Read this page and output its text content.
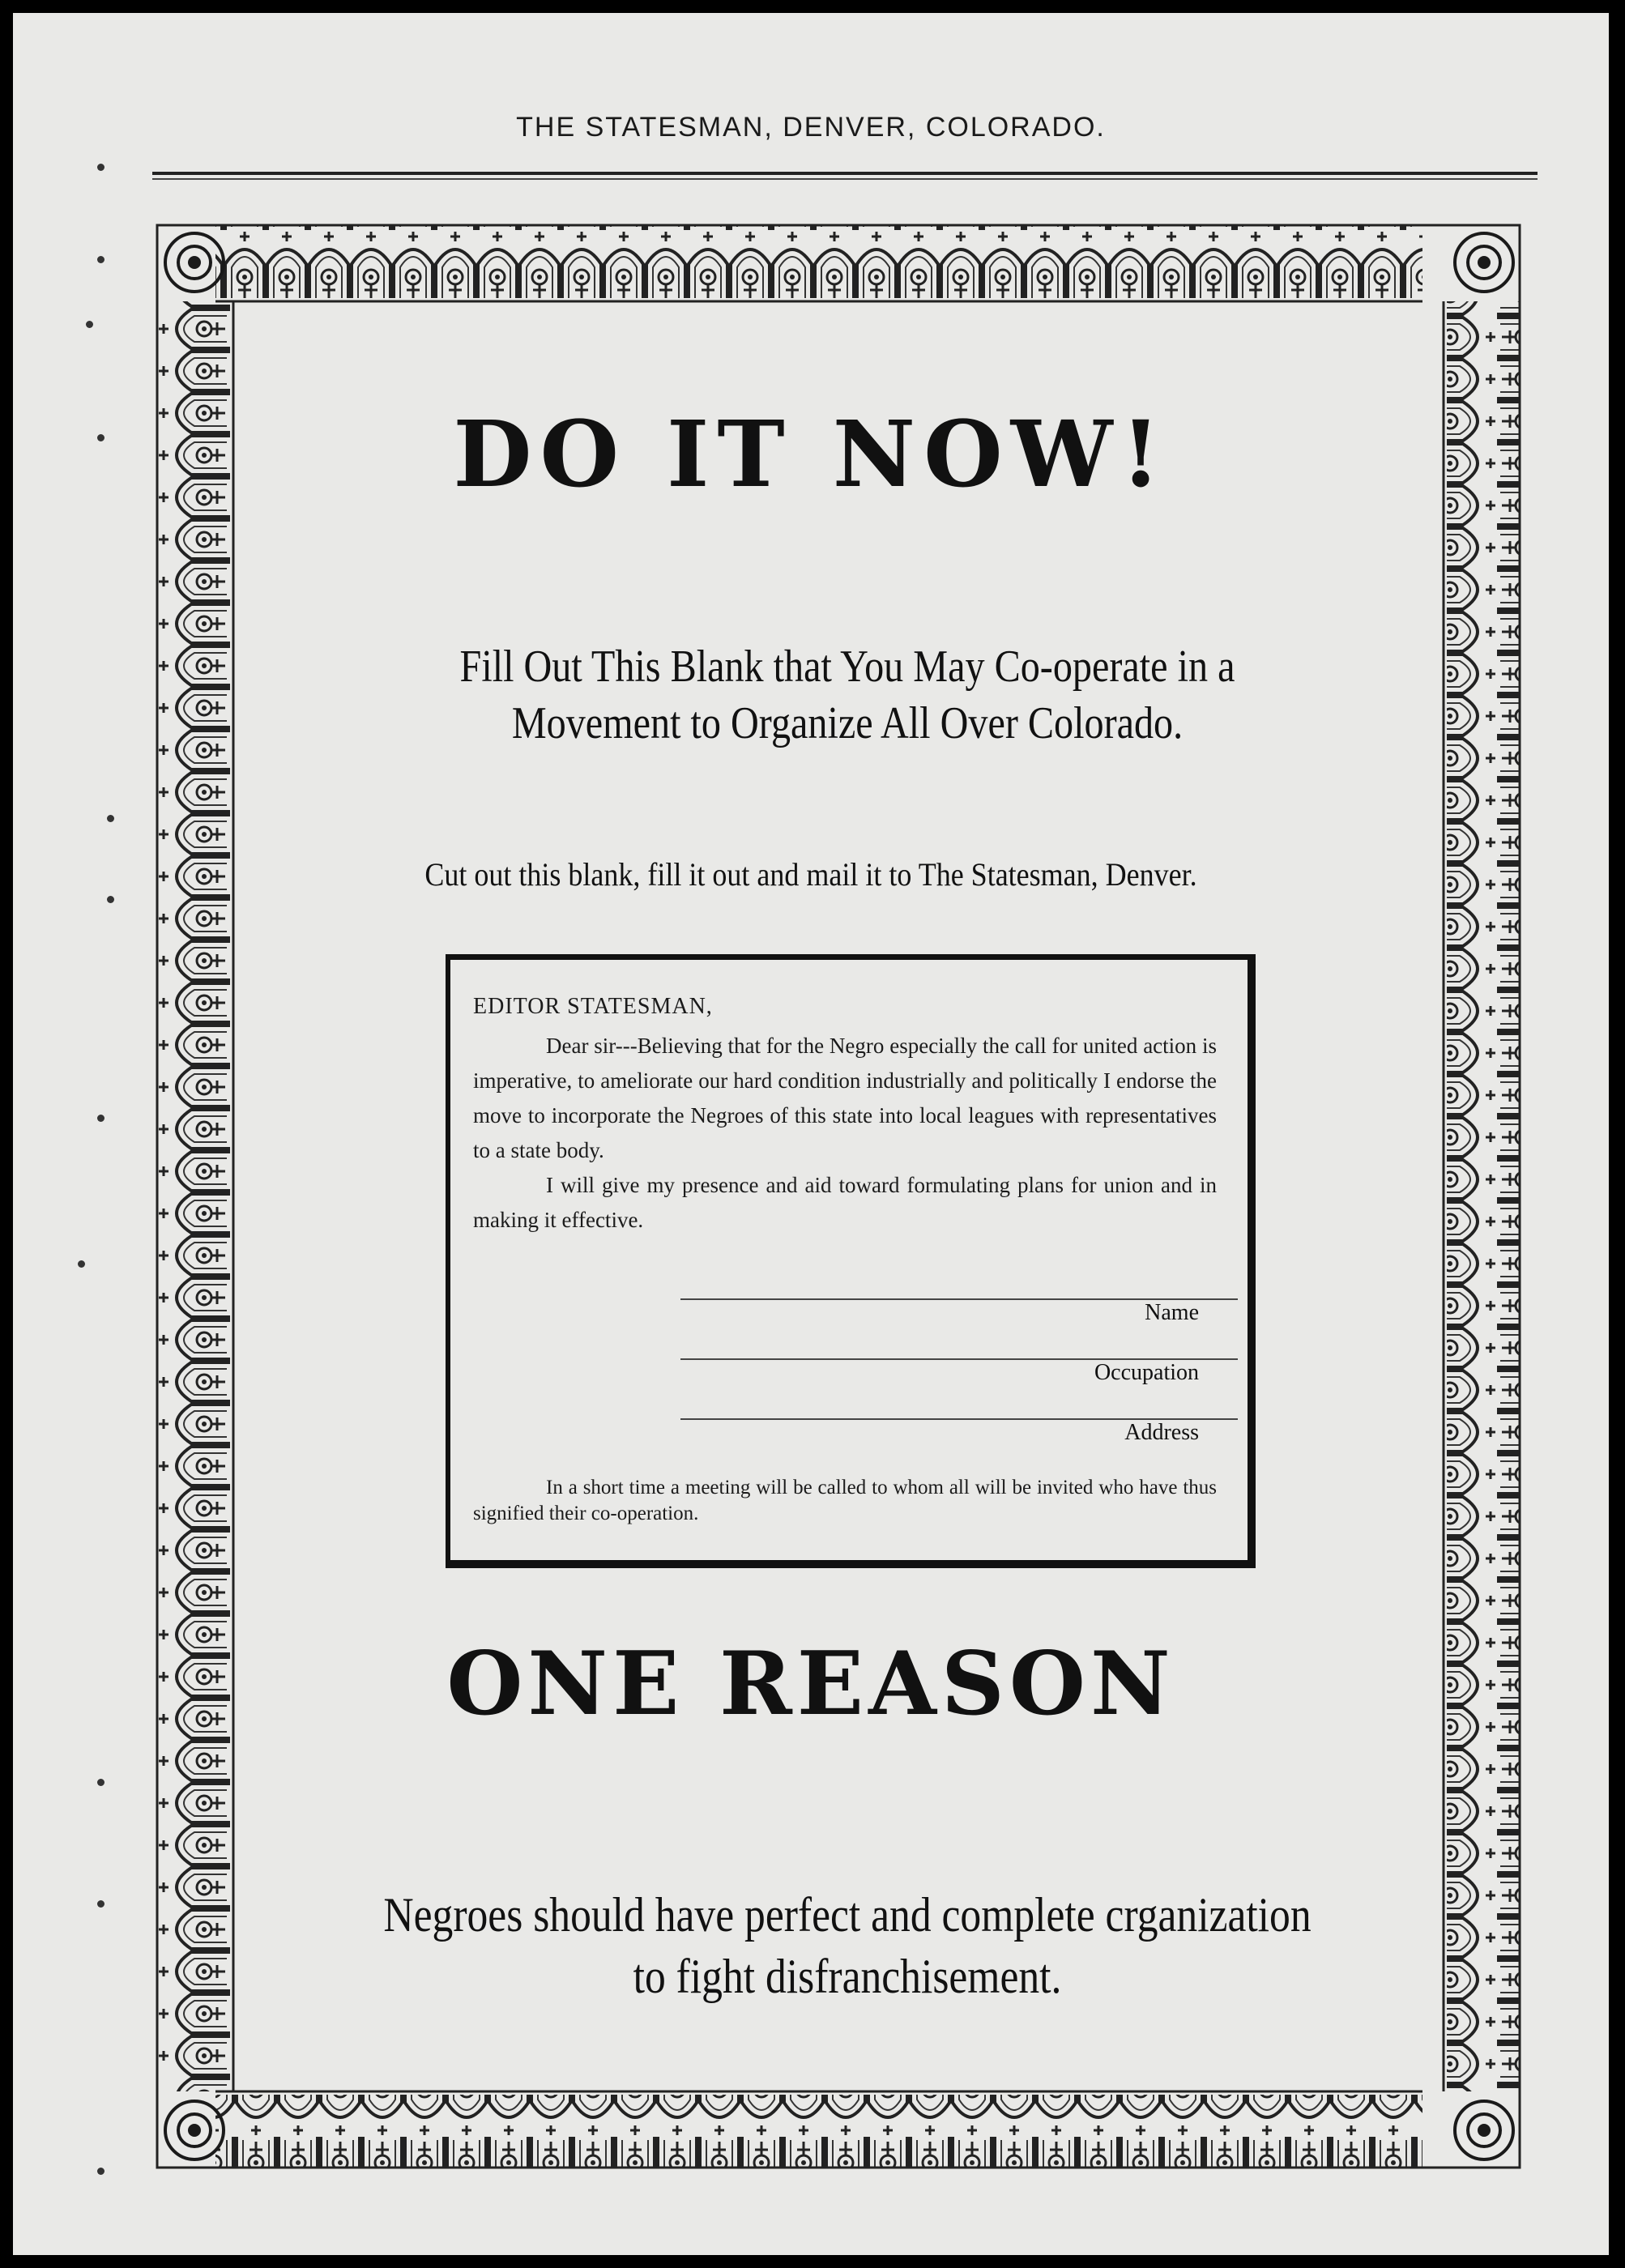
THE STATESMAN, DENVER, COLORADO.
DO IT NOW!
Fill Out This Blank that You May Co-operate in a Movement to Organize All Over Colorado.
Cut out this blank, fill it out and mail it to The Statesman, Denver.
EDITOR STATESMAN,
Dear sir---Believing that for the Negro especially the call for united action is imperative, to ameliorate our hard condition industrially and politically I endorse the move to incorporate the Negroes of this state into local leagues with representatives to a state body.
I will give my presence and aid toward formulating plans for union and in making it effective.
Name
Occupation
Address
In a short time a meeting will be called to whom all will be invited who have thus signified their co-operation.
ONE REASON
Negroes should have perfect and complete crganization to fight disfranchisement.
